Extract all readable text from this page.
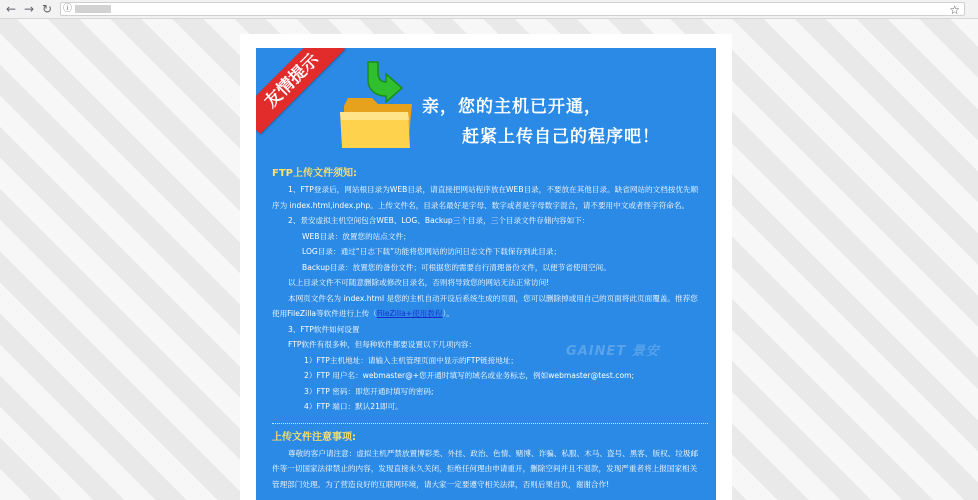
← → ↻ ⓘ	☆
友情提示	亲，您的主机已开通，
赶紧上传自己的程序吧！
GAINET 景安
FTP上传文件须知:
1、FTP登录后，网站根目录为WEB目录，请直接把网站程序放在WEB目录，不要放在其他目录。缺省网站的文档按优先顺
序为 index.html,index.php。上传文件名，目录名最好是字母、数字或者是字母数字混合，请不要用中文或者怪字符命名。
2、景安虚拟主机空间包含WEB、LOG、Backup三个目录，三个目录文件存储内容如下：
WEB目录：放置您的站点文件；
LOG目录：通过“日志下载”功能将您网站的访问日志文件下载保存到此目录；
Backup目录：放置您的备份文件；可根据您的需要自行清理备份文件，以便节省使用空间。
以上目录文件不可随意删除或修改目录名，否则将导致您的网站无法正常访问!
本网页文件名为 index.html 是您的主机自动开设后系统生成的页面，您可以删除掉或用自己的页面将此页面覆盖。推荐您
使用FileZilla等软件进行上传（FileZilla+使用教程）。
3、FTP软件如何设置
FTP软件有很多种，但每种软件都要设置以下几项内容：
1）FTP主机地址：请输入主机管理页面中显示的FTP链接地址；
2）FTP 用户名：webmaster@+您开通时填写的域名或业务标志，例如webmaster@test.com;
3）FTP 密码：即您开通时填写的密码;
4）FTP 端口：默认21即可。
上传文件注意事项:
尊敬的客户请注意：虚拟主机严禁放置博彩类、外挂、政治、色情、赌博、诈骗、私服、木马、盗号、黑客、版权、垃圾邮
件等一切国家法律禁止的内容，发现直接永久关闭，拒绝任何理由申请重开，删除空间并且不退款，发现严重者将上报国家相关
管理部门处理。为了营造良好的互联网环境，请大家一定要遵守相关法律，否则后果自负，谢谢合作!
